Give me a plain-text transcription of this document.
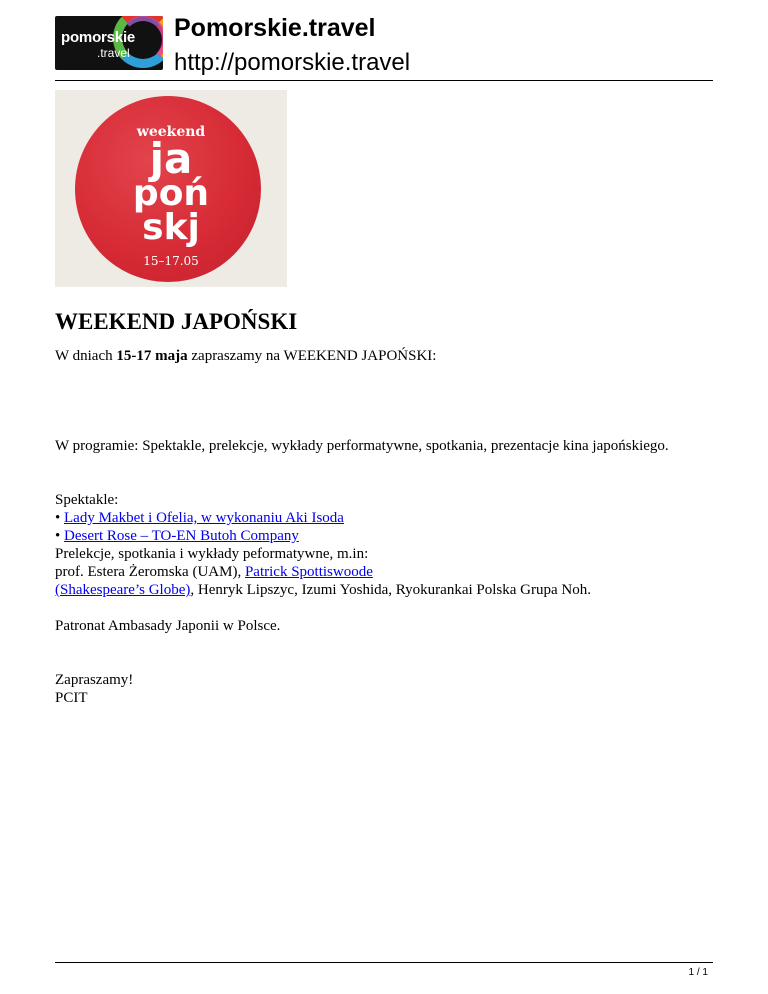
pomorskie
.travel
Pomorskie.travel
http://pomorskie.travel
weekend
ja
poń
skj
15–17.05
WEEKEND JAPOŃSKI

W dniach 15-17 maja zapraszamy na WEEKEND JAPOŃSKI:

W programie: Spektakle, prelekcje, wykłady performatywne, spotkania, prezentacje kina japońskiego.

Spektakle:

• Lady Makbet i Ofelia, w wykonaniu Aki Isoda

• Desert Rose – TO-EN Butoh Company

Prelekcje, spotkania i wykłady peformatywne, m.in:

prof. Estera Żeromska (UAM), Patrick Spottiswoode

(Shakespeare’s Globe), Henryk Lipszyc, Izumi Yoshida, Ryokurankai Polska Grupa Noh.

Patronat Ambasady Japonii w Polsce.

Zapraszamy!

PCIT

1 / 1
